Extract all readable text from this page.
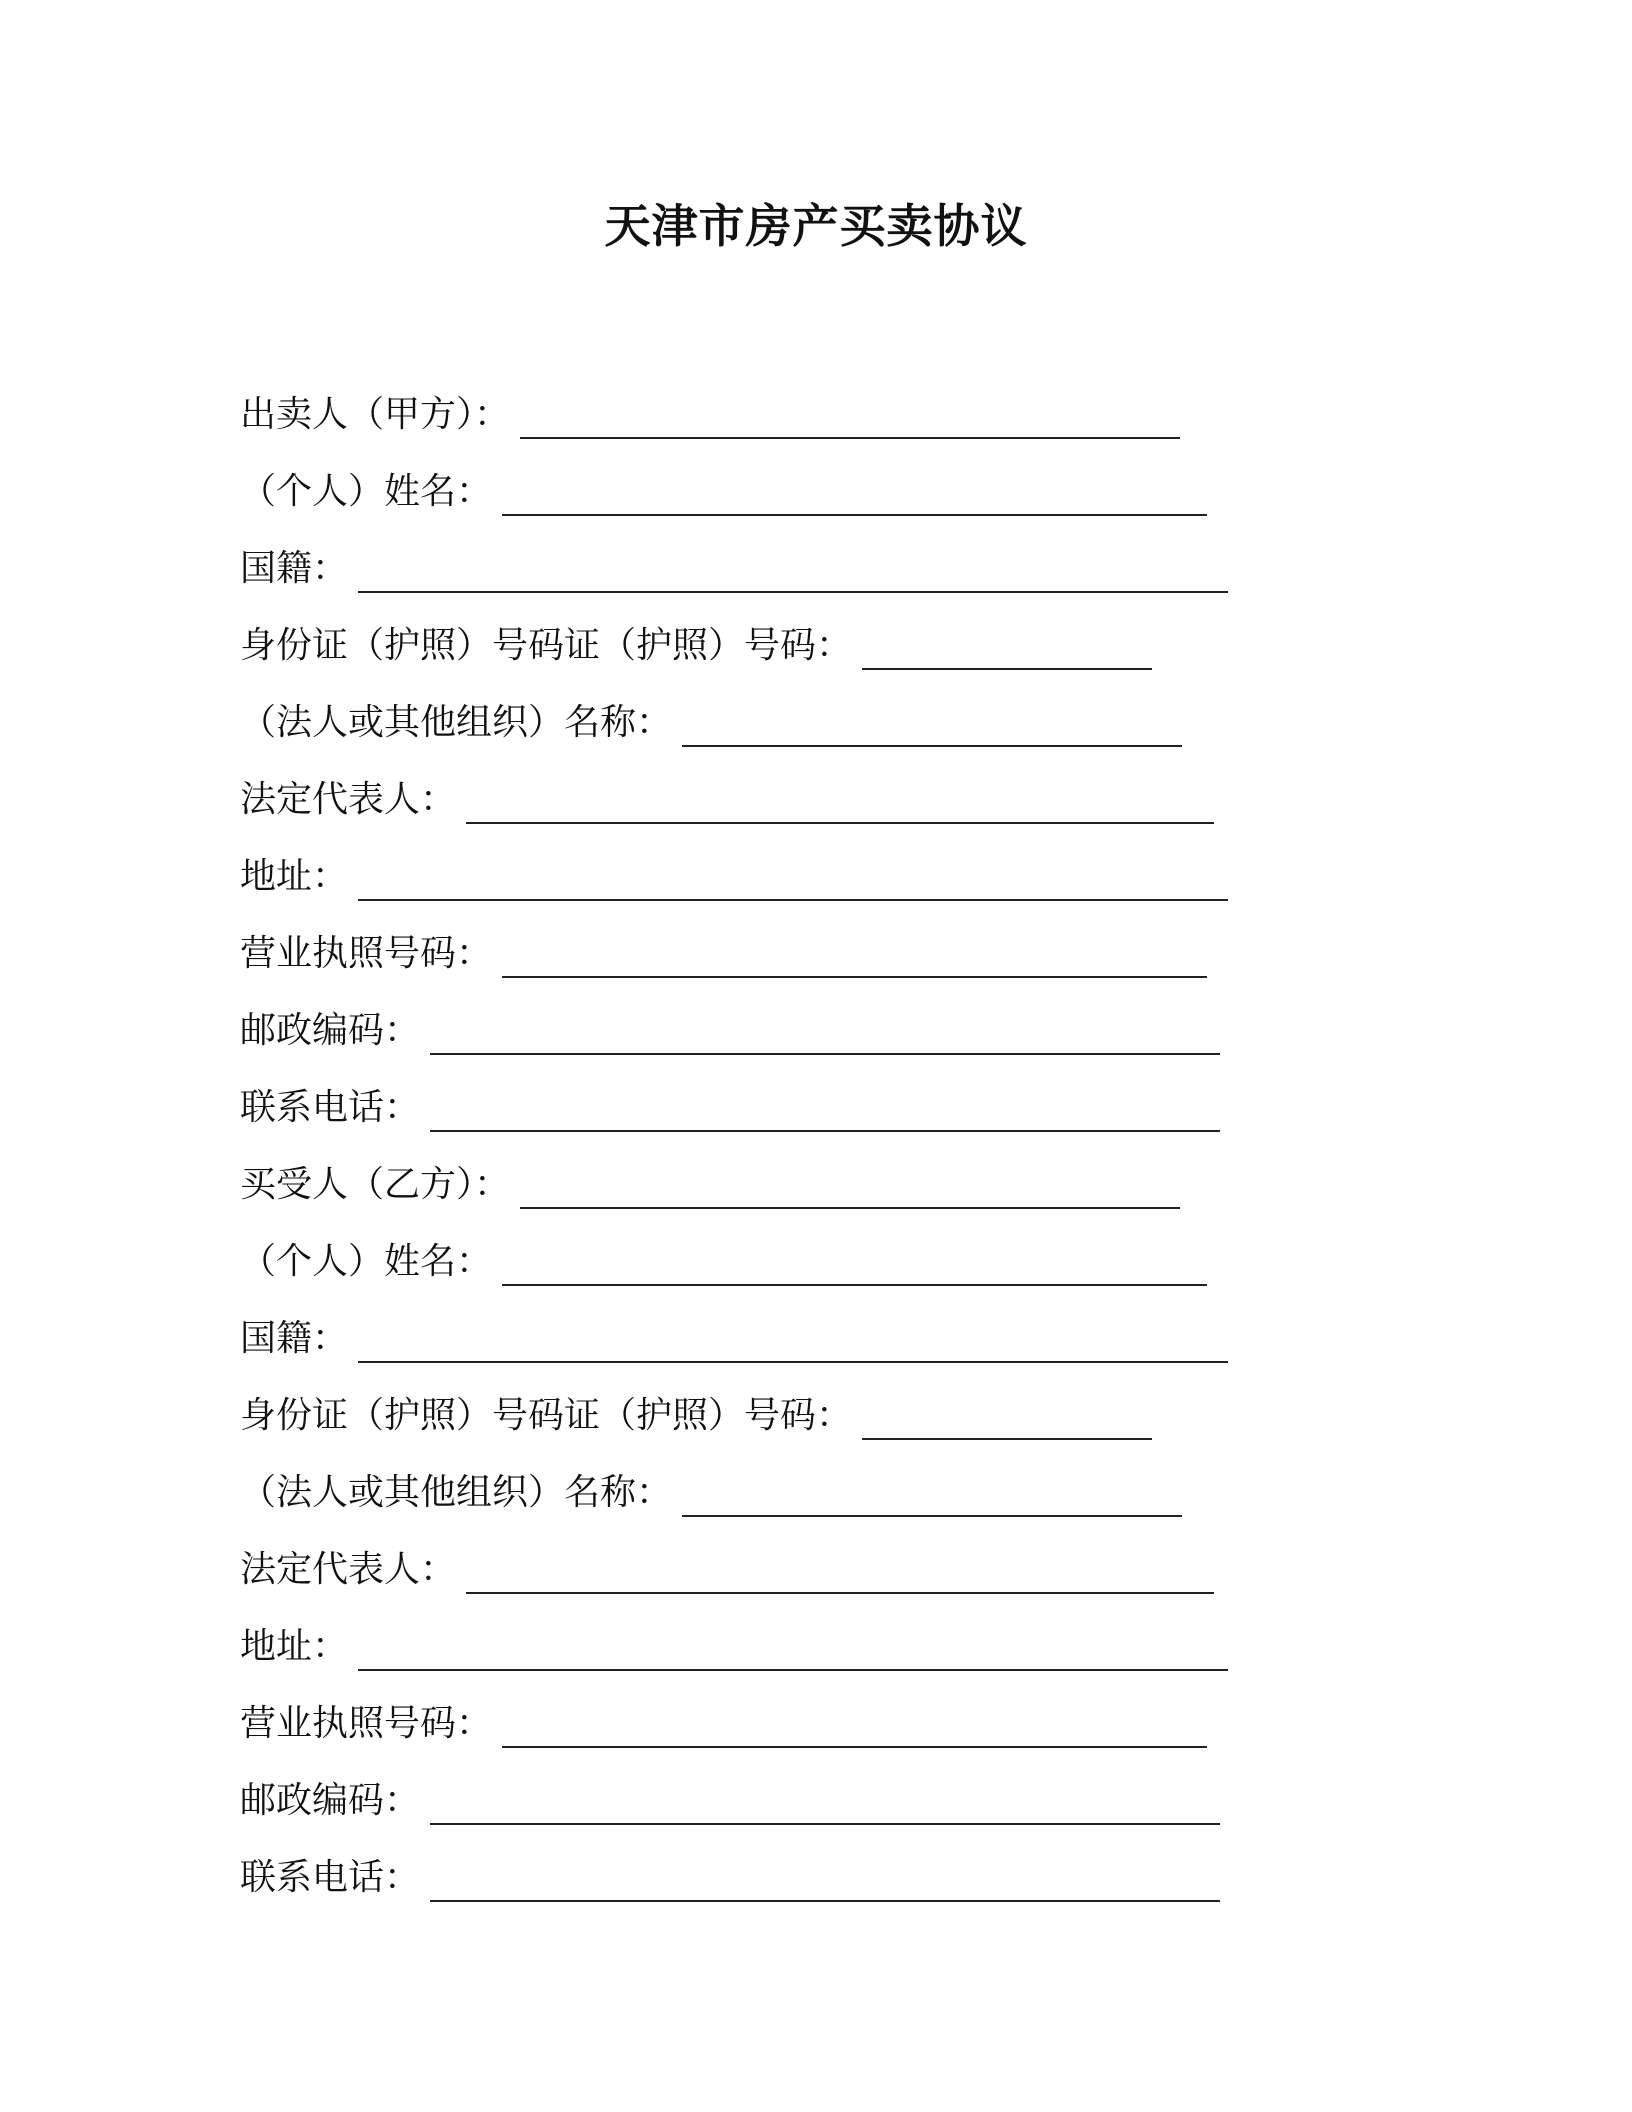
天津市房产买卖协议
出卖人（甲方）：
（个人）姓名：
国籍：
身份证（护照）号码证（护照）号码：
（法人或其他组织）名称：
法定代表人：
地址：
营业执照号码：
邮政编码：
联系电话：
买受人（乙方）：
（个人）姓名：
国籍：
身份证（护照）号码证（护照）号码：
（法人或其他组织）名称：
法定代表人：
地址：
营业执照号码：
邮政编码：
联系电话：
